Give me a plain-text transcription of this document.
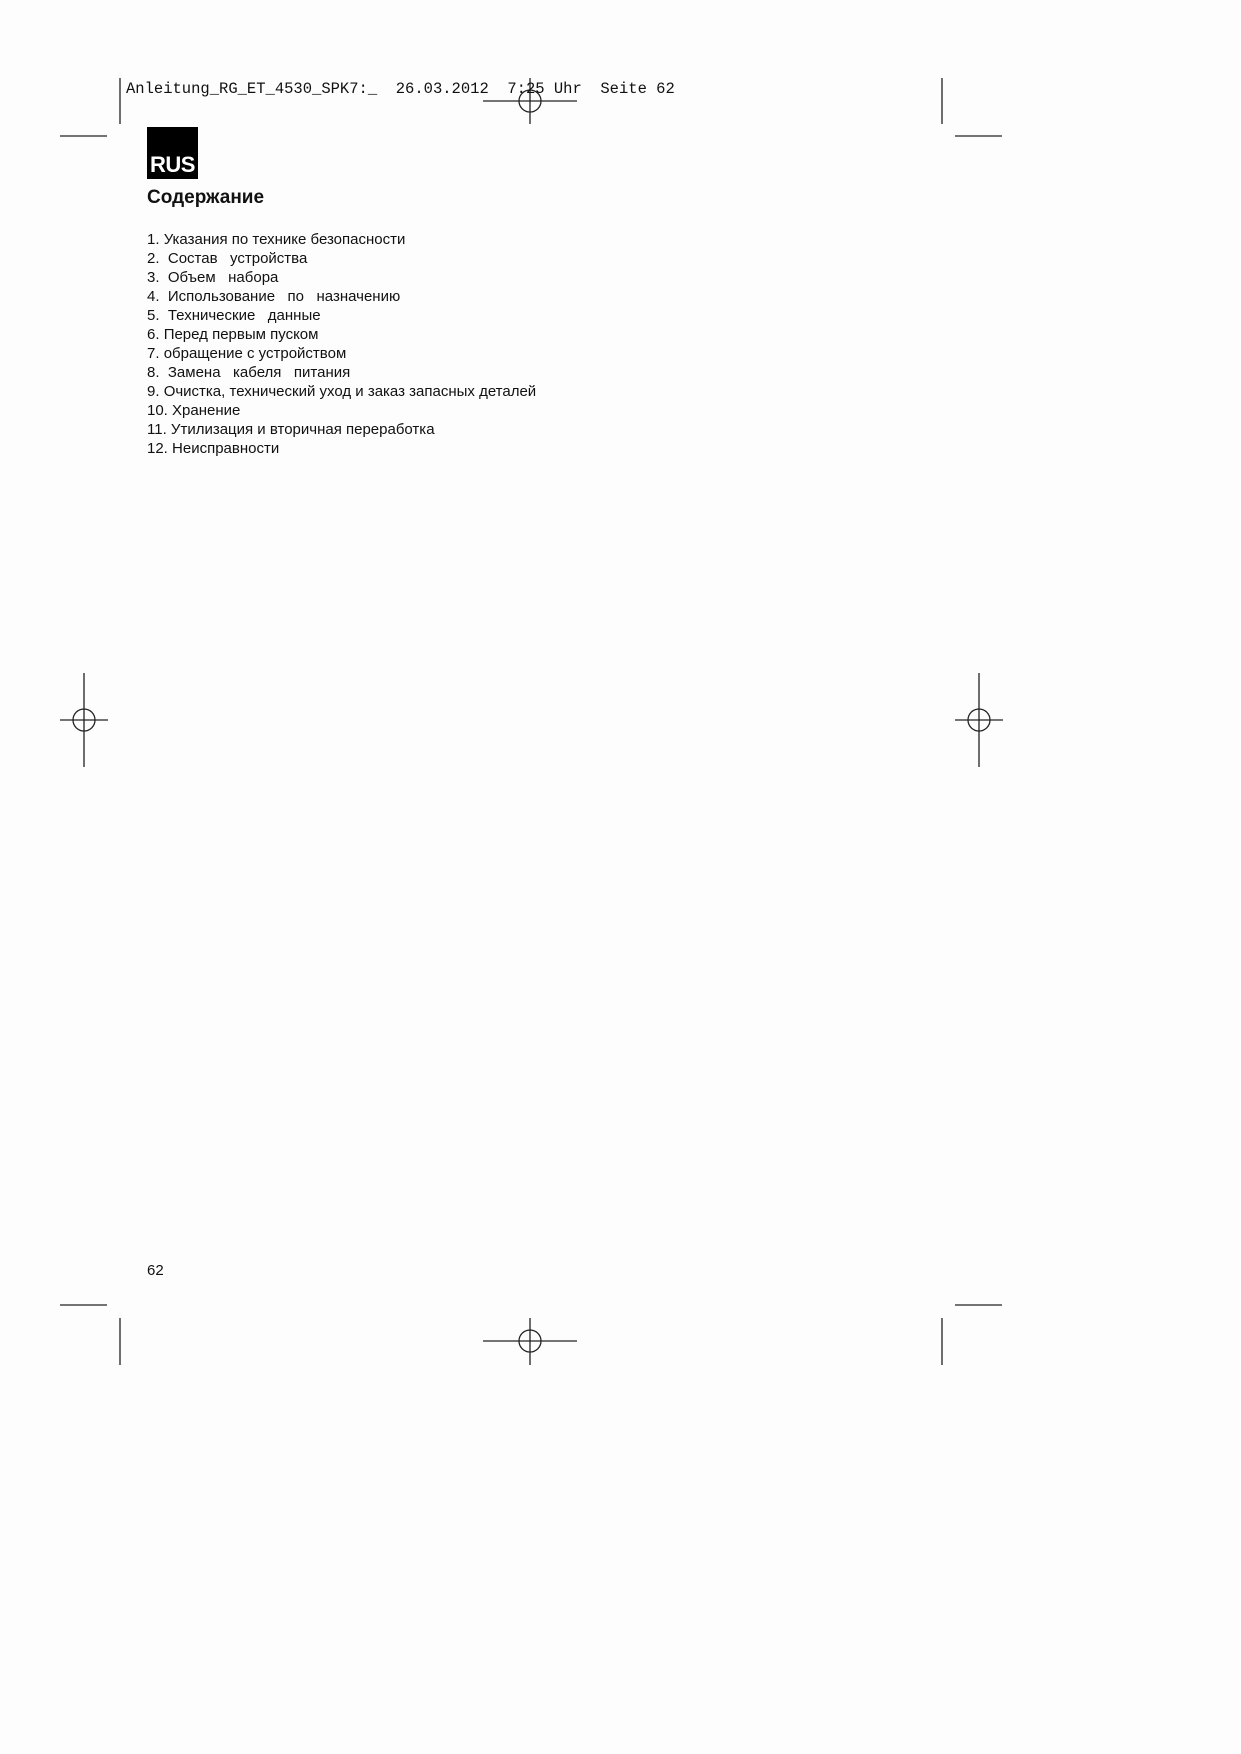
Anleitung_RG_ET_4530_SPK7:_  26.03.2012  7:25 Uhr  Seite 62
RUS
Содержание
1. Указания по технике безопасности
2.  Состав   устройства
3.  Объем   набора
4.  Использование   по   назначению
5.  Технические   данные
6. Перед первым пуском
7. обращение с устройством
8.  Замена   кабеля   питания
9. Очистка, технический уход и заказ запасных деталей
10. Хранение
11. Утилизация и вторичная переработка
12. Неисправности
62
